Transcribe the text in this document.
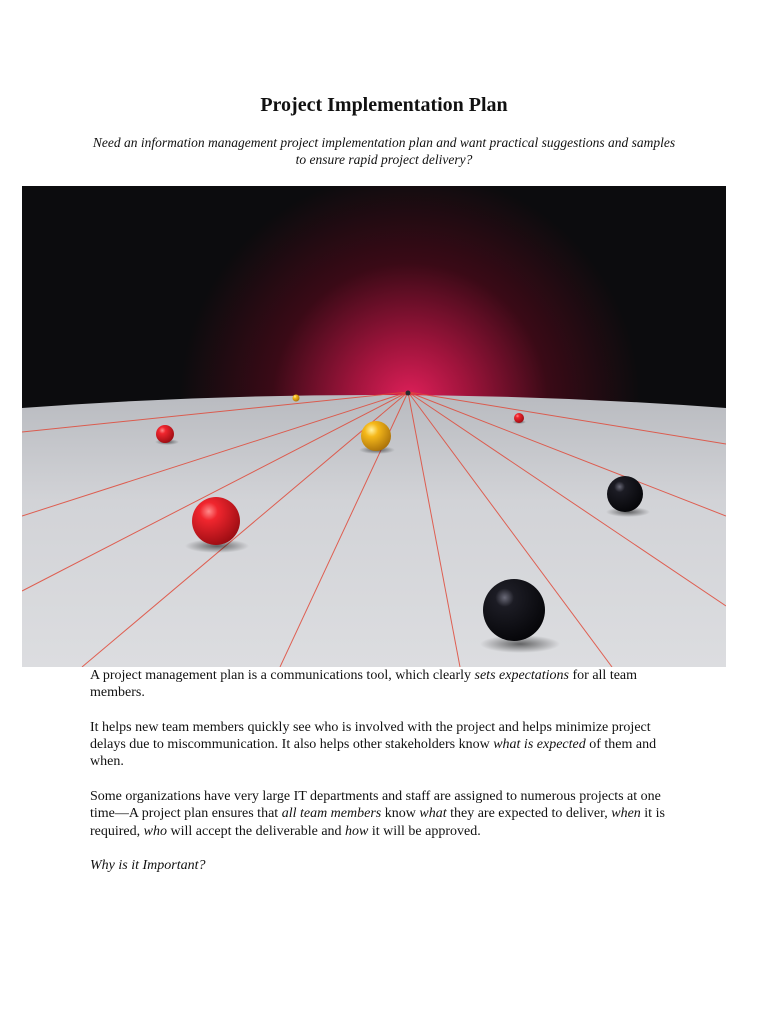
Project Implementation Plan
Need an information management project implementation plan and want practical suggestions and samples to ensure rapid project delivery?

A project management plan is a communications tool, which clearly sets expectations for all team members.

It helps new team members quickly see who is involved with the project and helps minimize project delays due to miscommunication. It also helps other stakeholders know what is expected of them and when.

Some organizations have very large IT departments and staff are assigned to numerous projects at one time—A project plan ensures that all team members know what they are expected to deliver, when it is required, who will accept the deliverable and how it will be approved.

Why is it Important?
